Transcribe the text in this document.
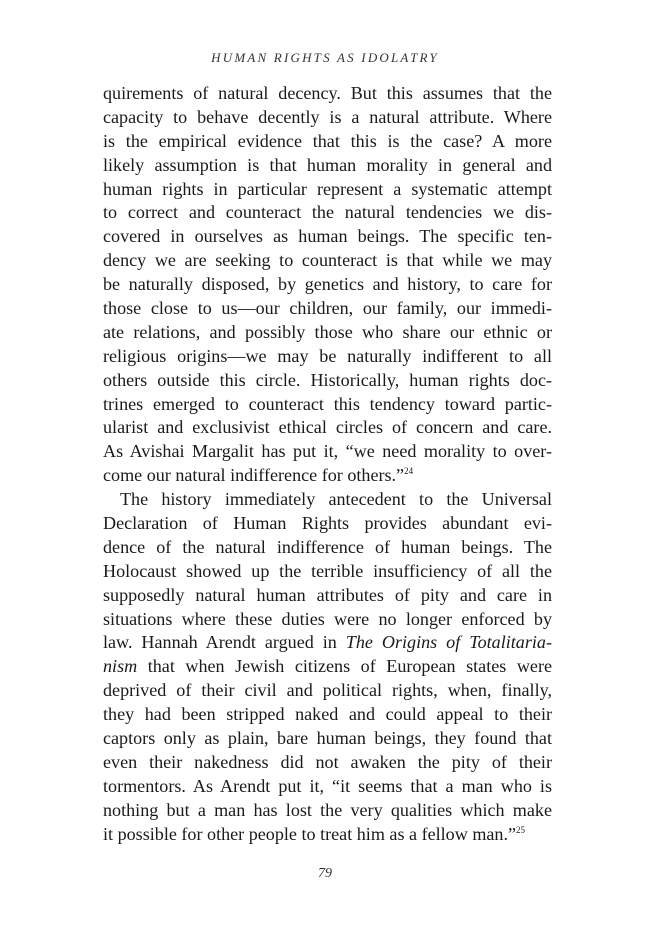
HUMAN RIGHTS AS IDOLATRY
quirements of natural decency. But this assumes that the
capacity to behave decently is a natural attribute. Where
is the empirical evidence that this is the case? A more
likely assumption is that human morality in general and
human rights in particular represent a systematic attempt
to correct and counteract the natural tendencies we dis-
covered in ourselves as human beings. The specific ten-
dency we are seeking to counteract is that while we may
be naturally disposed, by genetics and history, to care for
those close to us—our children, our family, our immedi-
ate relations, and possibly those who share our ethnic or
religious origins—we may be naturally indifferent to all
others outside this circle. Historically, human rights doc-
trines emerged to counteract this tendency toward partic-
ularist and exclusivist ethical circles of concern and care.
As Avishai Margalit has put it, “we need morality to over-
come our natural indifference for others.”$^{24}$
The history immediately antecedent to the Universal
Declaration of Human Rights provides abundant evi-
dence of the natural indifference of human beings. The
Holocaust showed up the terrible insufficiency of all the
supposedly natural human attributes of pity and care in
situations where these duties were no longer enforced by
law. Hannah Arendt argued in The Origins of Totalitaria-
nism that when Jewish citizens of European states were
deprived of their civil and political rights, when, finally,
they had been stripped naked and could appeal to their
captors only as plain, bare human beings, they found that
even their nakedness did not awaken the pity of their
tormentors. As Arendt put it, “it seems that a man who is
nothing but a man has lost the very qualities which make
it possible for other people to treat him as a fellow man.”$^{25}$
79
